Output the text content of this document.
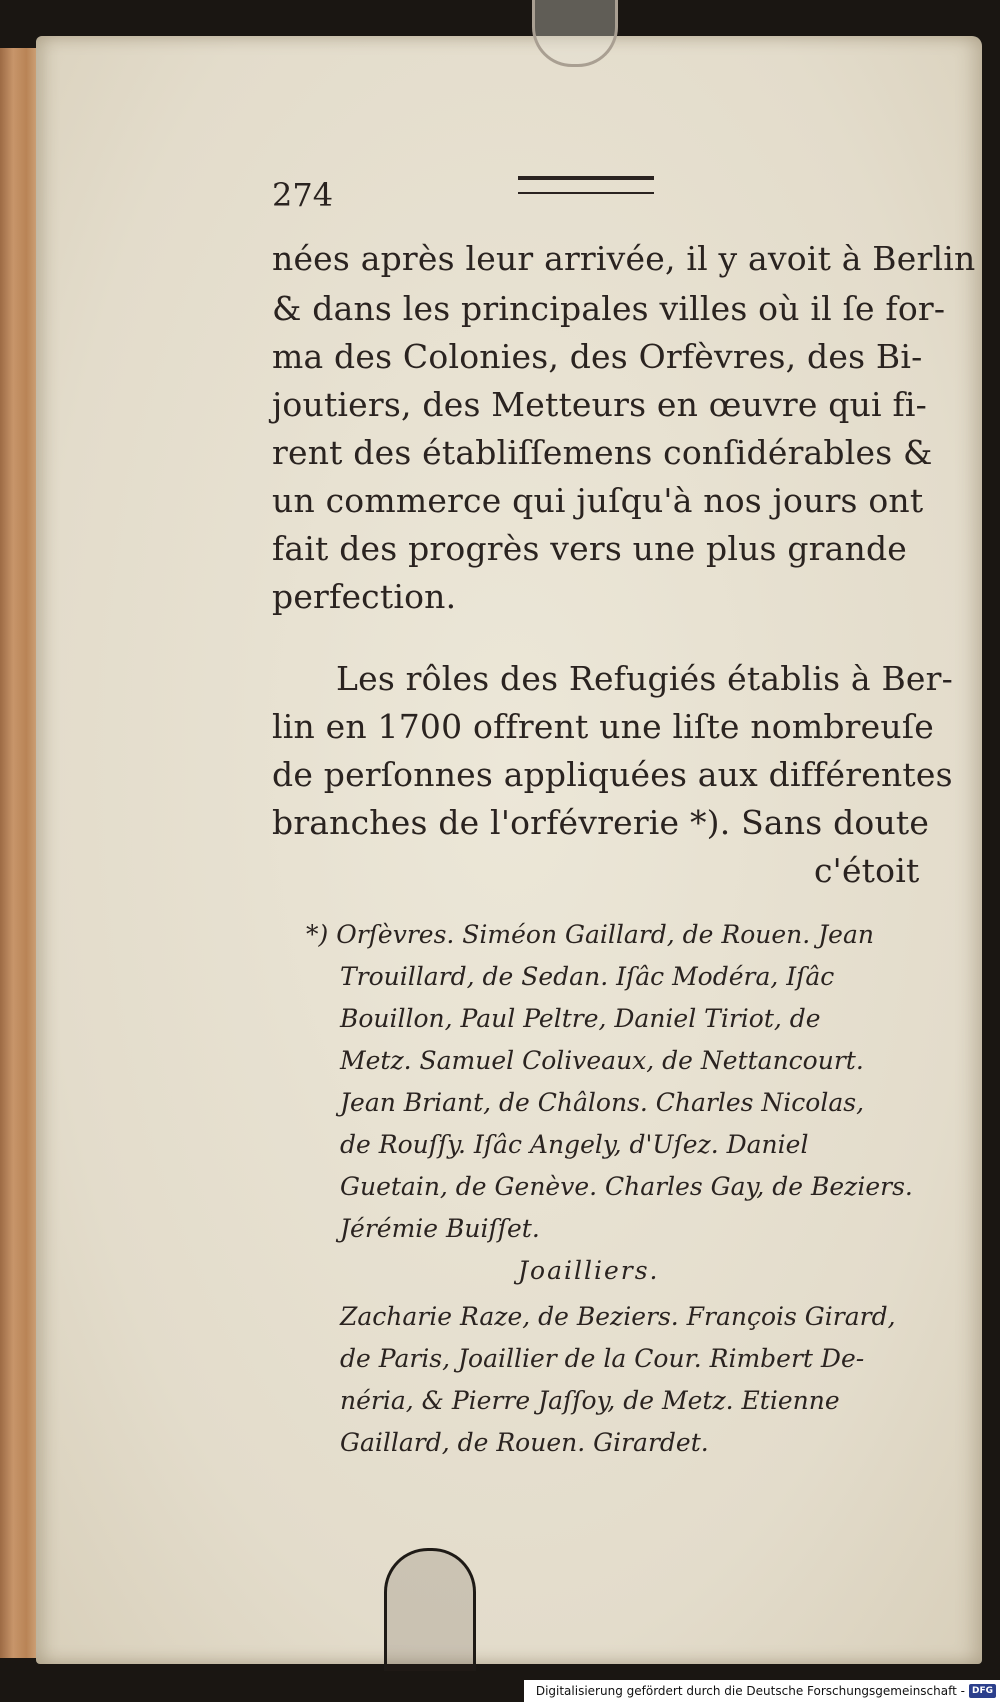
274
nées après leur arrivée, il y avoit à Berlin
& dans les principales villes où il ſe for-
ma des Colonies, des Orfèvres, des Bi-
joutiers, des Metteurs en œuvre qui fi-
rent des établiſſemens conſidérables &
un commerce qui juſqu'à nos jours ont
fait des progrès vers une plus grande
perfection.
Les rôles des Refugiés établis à Ber-
lin en 1700 offrent une liſte nombreuſe
de perſonnes appliquées aux différentes
branches de l'orfévrerie *). Sans doute
c'étoit
*) Orſèvres. Siméon Gaillard, de Rouen. Jean
Trouillard, de Sedan. Iſâc Modéra, Iſâc
Bouillon, Paul Peltre, Daniel Tiriot, de
Metz. Samuel Coliveaux, de Nettancourt.
Jean Briant, de Châlons. Charles Nicolas,
de Rouſſy. Iſâc Angely, d'Uſez. Daniel
Guetain, de Genève. Charles Gay, de Beziers.
Jérémie Buiſſet.
Joailliers.
Zacharie Raze, de Beziers. François Girard,
de Paris, Joaillier de la Cour. Rimbert De-
néria, & Pierre Jaſſoy, de Metz. Etienne
Gaillard, de Rouen. Girardet.
Digitalisierung gefördert durch die Deutsche Forschungsgemeinschaft - DFG
